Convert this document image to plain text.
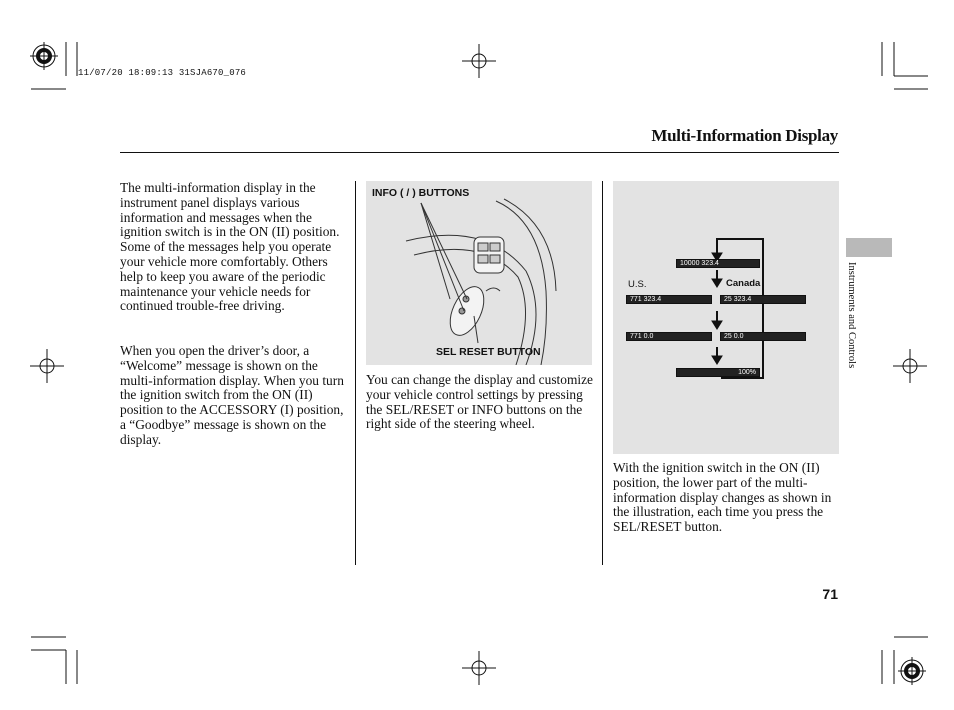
11/07/20 18:09:13 31SJA670_076
Multi-Information Display
Instruments and Controls
The multi-information display in the instrument panel displays various information and messages when the ignition switch is in the ON (II) position. Some of the messages help you operate your vehicle more comfortably. Others help to keep you aware of the periodic maintenance your vehicle needs for continued trouble-free driving.
When you open the driver’s door, a “Welcome” message is shown on the multi-information display. When you turn the ignition switch from the ON (II) position to the ACCESSORY (I) position, a “Goodbye” message is shown on the display.
INFO ( / ) BUTTONS
SEL RESET BUTTON
You can change the display and customize your vehicle control settings by pressing the SEL/RESET or INFO buttons on the right side of the steering wheel.
10000 323.4
U.S.	Canada
771 323.4	25 323.4
771 0.0	25 0.0
100%
With the ignition switch in the ON (II) position, the lower part of the multi-information display changes as shown in the illustration, each time you press the SEL/RESET button.
71
